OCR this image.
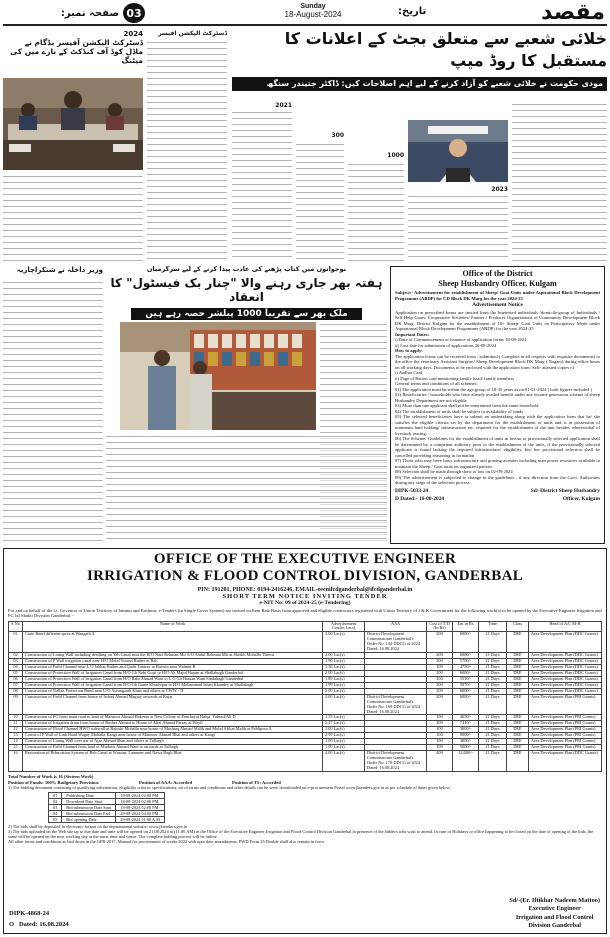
صفحہ نمبر: 03	Sunday
18-August-2024	تاریخ:	مقصد
2024
ڈسٹرکٹ الیکشن آفیسر بڈگام نے
ماڈل کوڈ آف کنڈکٹ کے بارے میں کی میٹنگ
ڈسٹرکٹ الیکشن آفیسر	خلائی شعبے سے متعلق بجٹ کے اعلانات کا مستقبل کا روڈ میپ
مودی حکومت نے خلائی شعبے کو آزاد کرنے کے لیے اہم اصلاحات کیں: ڈاکٹر جتیندر سنگھ
2021
300
1000
2023
وزیر داخلہ نے شنکراچاریہ	نوجوانوں میں کتاب پڑھنے کی عادت پیدا کرنے کے لیے سرگرمیاں
ہفتہ بھر جاری رہنے والا "چنار بک فیسٹول" کا انعقاد
ملک بھر سے تقریباً 1000 پبلشر حصہ رہے ہیں
Office of the District
Sheep Husbandry Officer, Kulgam

Subject:- Advertisement for establishment of Sheep/ Goat Units under Aspirational Block Development Programme (ABDP) for CD Block DK Marg for the year 2024-25

Advertisement Notice

Application on prescribed forms are invited from the Interested individuals /domicile/group of Individuals / Self Help Goats/ Cooperative Societies/ Farmer / Producer Organizations of Community Development Block DK Marg, District Kulgam for the establishment of 10+ Sheep/ Goat Units on Participatory Mode under Aspirational Block Development Programme (ABDP) for the year 2024-25

Important Dates:

i) Date of Commencement of issuance of application forms 18-08-2024

ii) Last date for submission of applications 26-08-2024

How to apply:

The application forms can be received from / submitted ( Complete in all respects with requisite documents) to the office the veterinary Assistant Surgeon/ Sheep Development Block DK Marg ( Nagam) during office hours on all working days. Documents to be enclosed with the application form: Self- attested copies of

i) Aadhar Card

ii) Page of Ration card mentioning family head/ family members

General terms and conditions of all schemes:

01) The application must be within the age group of 18-35 years as on 01-01-2024 ( both figures included )

02) Beneficiaries / households who have already availed benefit under any income generation scheme of sheep Husbandry Department are not eligible

03) More than one applicant shall not be entertained from the same household

04) The establishment of units shall be subject to availability of funds

05) The selected beneficiaries have to submit an undertaking along with the application form that he/ she satisfies the eligible criteria set by the department for the establishment of units and is in possession of minimum land holding/ infrastructure etc. required for the establishment of the unit besides wherewithal of livestock rearing.

06) The Scheme/ Guidelines for the establishment of units in favour or provisionally selected application shall be determined by a competent authority prior to the establishment of the units, if the provisionally selected applicant is found lacking the required infrastructure/ eligibility, his/ her provisional selection shall be cancelled providing reasoning in formation.

07) Those who may have basic infrastructure and grazing avenues including man power resources available to maintain the Sheep / Goat units on organized pattern.

08) Selection shall be made through draw of lots on 02-09-2024

09) The advertisement is subjected to change in the guidelines , if any direction from the Govt. Authorities during any stage of the selection process.

DIPK-5033-24	Sd/-District Sheep Husbandry
D Dated:- 16-08-2024	Officer, Kulgam
OFFICE OF THE EXECUTIVE ENGINEER
IRRIGATION & FLOOD CONTROL DIVISION, GANDERBAL
PIN: 191201, PHONE: 0194-2416246, EMAIL-eeenifcdganderbal@ifcdganderbal.in
SHORT TERM NOTICE INVITING TENDER
e-NIT No: 09 of 2024-25 (e-Tendering)
For and on behalf of the Lt. Governor of Union Territory of Jammu and Kashmir, e-Tenders (in Single Cover System) are invited on Item Rate Basis from approved and eligible contractors registered with Union Territory of J & K Government for the following work(s) to be opened by the Executive Engineer Irrigation and FC Jal Shakti Division Ganderbal: -
S No	Name of Work	Advertisement Cost(in Lacs)	AAA	Cost of T/D (In Rs)	Em in Rs	Time	Class	Head of A/C M-H
01	Crate Bund different spots at Wangath A	2.00 Lac(s)	District Development Commissioner Ganderbal's Order No: 144-DDCG of 2024 Dated: 16.08.2024	200	6000/-	21 Days	DEE	Area Development Plan (DDC Grants)
02	Construction of Lining Wall including desilting on Yeb Canal near the H/O Nazi Rehman Mir S/O Abdul Rehman Mir at Sheikh Mohalla Theeru	2.00 Lac(s)		200	6000/-	21 Days	DEE	Area Development Plan (DDC Grants)
03	Construction of P Wall irrigation canal near H/O Mohd Yousuf Rather at Bab	1.90 Lac(s)		200	5700/-	21 Days	DEE	Area Development Plan (DDC Grants)
04	Construction of Field Channel near L.O Jabbar Rather and Qadir Tantray to Barwin near Wahnin B	1.36 Lac(s)		100	4750/-	21 Days	DEE	Area Development Plan (DDC Grants)
05	Construction of Protection Wall of Irrigation Canal from H/O Gh Nabi Gojri to H/O Ab Majid Hajam at Shallabugh Ganderbal	2.00 Lac(s)		200	6000/-	21 Days	DEE	Area Development Plan (DDC Grants)
06	Construction of Protection Wall of Irrigation Canal from H/O Rahi Ahmad Wani to L.O Gh Hassan Wani Sindabagh Ganderbal	1.89 Lac(s)		100	5550/-	21 Days	DEE	Area Development Plan (DDC Grants)
07	Construction of Protection Wall of Irrigation Canal from H/O Gh Ganie Khushipur to H/O Mohammad Ishaq Khandey at Shallabagh	1.99 Lac(s)		200	5970/-	21 Days	DEE	Area Development Plan (DDC Grants)
08	Construction of Nallah Protection Bund near U/O Aurangzaib Khan and others at CWW - II	2.00 Lac(s)		200	6000/-	21 Days	DEE	Area Development Plan (DDC Grants)
09	Construction of Field Channel from house of Irshad Ahmad Magray onwards at Kujar	2.00 Lac(s)	District Development Commissioner Ganderbal's Order No: 169-DDCG of 2024 Dated: 16.08.2024	200	6000/-	21 Days	DEE	Area Development Plan (PRI Grants)
10	Construction of FC from main road to land of Manzoor Ahmad Hakeem at New Colony at Panchayat Halqa. Yalmul/Ali D	1.55 Lac(s)		100	4650/-	21 Days	DEE	Area Development Plan (PRI Grants)
11	Construction of Irrigation drain from house of Basher Ahmad to House of Altaf Ahmad Parray at Wayil	2.47 Lac(s)		200	7410/-	21 Days	DEE	Area Development Plan (PRI Grants)
12	Construction of Flood Channel HWO sidewall at Baloshi Mohalla near house of Mushtaq Ahmad Malik and Mohd Afiliat Malik at Pahlipora A	1.00 Lac(s)		100	3000/-	21 Days	DEE	Area Development Plan (PRI Grants)
13	Constt of P Wall of Link Road Wagay Mohalla Kangi near house of Manzoor Ahmad Bhat and others at Kangi	2.99 Lac(s)		100	9000/-	21 Days	DEE	Area Development Plan (PRI Grants)
14	Construction of Lining Wall over nar of Ajaz Ahmad Shan and others at Tulbagh	1.00 Lac(s)		100	3000/-	21 Days	DEE	Area Development Plan (PRI Grants)
15	Construction of Field Channel from land of Mudasir Ahmad Wani to onwards at Tulbagh	1.00 Lac(s)		100	5000/-	21 Days	DEE	Area Development Plan (PRI Grants)
16	Restoration of Bifurcation System of Beh Canal at Wussan, Laumner and Nawa Bagh Bhat	4.00 Lac(s)	District Development Commissioner Ganderbal's Order No: 170-DDCG of 2024 Dated: 16.08.2024	400	12,000/-	21 Days	DEE	Area Development Plan (DDC Grants)
Total Number of Work is 16 (Sixteen Work)
Position of Funds: 100% Budgetary Provision.	Position of AAA: Accorded	Position of TS: Accorded
1) The bidding document consisting of qualifying information, eligibility criteria, specifications, set of terms and conditions and other details can be seen/ downloaded on e-procurement Portal www.jktenders.gov.in as per schedule of dates given below:
01	Publishing Date	18-08-2024 02:00 PM
02	Download Date Start	18-08-2024 02:00 PM
03	Bid submission Date Start	18-08-2024 02:00 PM
04	Bid submission Date End	28-08-2024 04:00 PM
05	Bid opening Date	29-08-2024 11:00 A.M
2) The bids shall be deposited in electronic format on the departmental website: www.jktenders.gov.in
3) The bids uploaded on the Web site up to due date and time will be opened on 21.08.2024 at (11:00 AM) in the Office of the Executive Engineer Irrigation and Flood Control Division Ganderbal in presence of the bidders who wish to attend. In case of Holidays or office happening to be closed on the date of opening of the bids, the same will be opened on the next working day at the same time and venue. The complete bidding process will be online.
All other terms and conditions as laid down in the GFR-2017, Manual for procurement of works 2022 with upto date amendments, PWD Form 25 Double shall also remain in force.
DIPK-4868-24
O Dated: 16.08.2024
Sd/-(Er. Iftikhar Nadeem Mattoo)
Executive Engineer
Irrigation and Flood Control
Division Ganderbal
